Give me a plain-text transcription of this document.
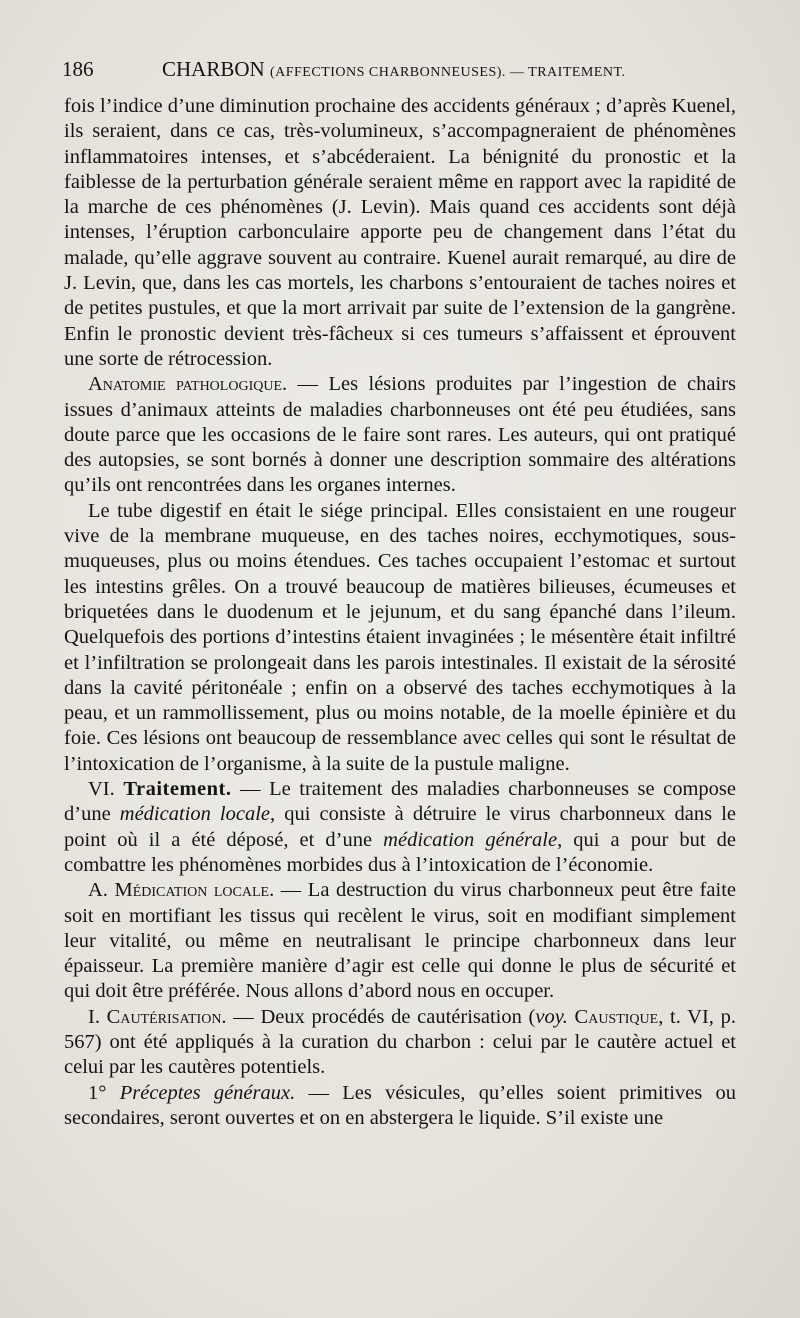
186	CHARBON (AFFECTIONS CHARBONNEUSES). — TRAITEMENT.

fois l’indice d’une diminution prochaine des accidents généraux ; d’après Kuenel, ils seraient, dans ce cas, très-volumineux, s’accompagneraient de phénomènes inflammatoires intenses, et s’abcéderaient. La bénignité du pronostic et la faiblesse de la perturbation générale seraient même en rapport avec la rapidité de la marche de ces phénomènes (J. Levin). Mais quand ces accidents sont déjà intenses, l’éruption carbonculaire apporte peu de changement dans l’état du malade, qu’elle aggrave souvent au contraire. Kuenel aurait remarqué, au dire de J. Levin, que, dans les cas mortels, les charbons s’entouraient de taches noires et de petites pustules, et que la mort arrivait par suite de l’extension de la gangrène. Enfin le pronostic devient très-fâcheux si ces tumeurs s’affaissent et éprouvent une sorte de rétrocession.

Anatomie pathologique. — Les lésions produites par l’ingestion de chairs issues d’animaux atteints de maladies charbonneuses ont été peu étudiées, sans doute parce que les occasions de le faire sont rares. Les auteurs, qui ont pratiqué des autopsies, se sont bornés à donner une description sommaire des altérations qu’ils ont rencontrées dans les organes internes.

Le tube digestif en était le siége principal. Elles consistaient en une rougeur vive de la membrane muqueuse, en des taches noires, ecchymotiques, sous-muqueuses, plus ou moins étendues. Ces taches occupaient l’estomac et surtout les intestins grêles. On a trouvé beaucoup de matières bilieuses, écumeuses et briquetées dans le duodenum et le jejunum, et du sang épanché dans l’ileum. Quelquefois des portions d’intestins étaient invaginées ; le mésentère était infiltré et l’infiltration se prolongeait dans les parois intestinales. Il existait de la sérosité dans la cavité péritonéale ; enfin on a observé des taches ecchymotiques à la peau, et un rammollissement, plus ou moins notable, de la moelle épinière et du foie. Ces lésions ont beaucoup de ressemblance avec celles qui sont le résultat de l’intoxication de l’organisme, à la suite de la pustule maligne.

VI. Traitement. — Le traitement des maladies charbonneuses se compose d’une médication locale, qui consiste à détruire le virus charbonneux dans le point où il a été déposé, et d’une médication générale, qui a pour but de combattre les phénomènes morbides dus à l’intoxication de l’économie.

A. Médication locale. — La destruction du virus charbonneux peut être faite soit en mortifiant les tissus qui recèlent le virus, soit en modifiant simplement leur vitalité, ou même en neutralisant le principe charbonneux dans leur épaisseur. La première manière d’agir est celle qui donne le plus de sécurité et qui doit être préférée. Nous allons d’abord nous en occuper.

I. Cautérisation. — Deux procédés de cautérisation (voy. Caustique, t. VI, p. 567) ont été appliqués à la curation du charbon : celui par le cautère actuel et celui par les cautères potentiels.

1° Préceptes généraux. — Les vésicules, qu’elles soient primitives ou secondaires, seront ouvertes et on en abstergera le liquide. S’il existe une
